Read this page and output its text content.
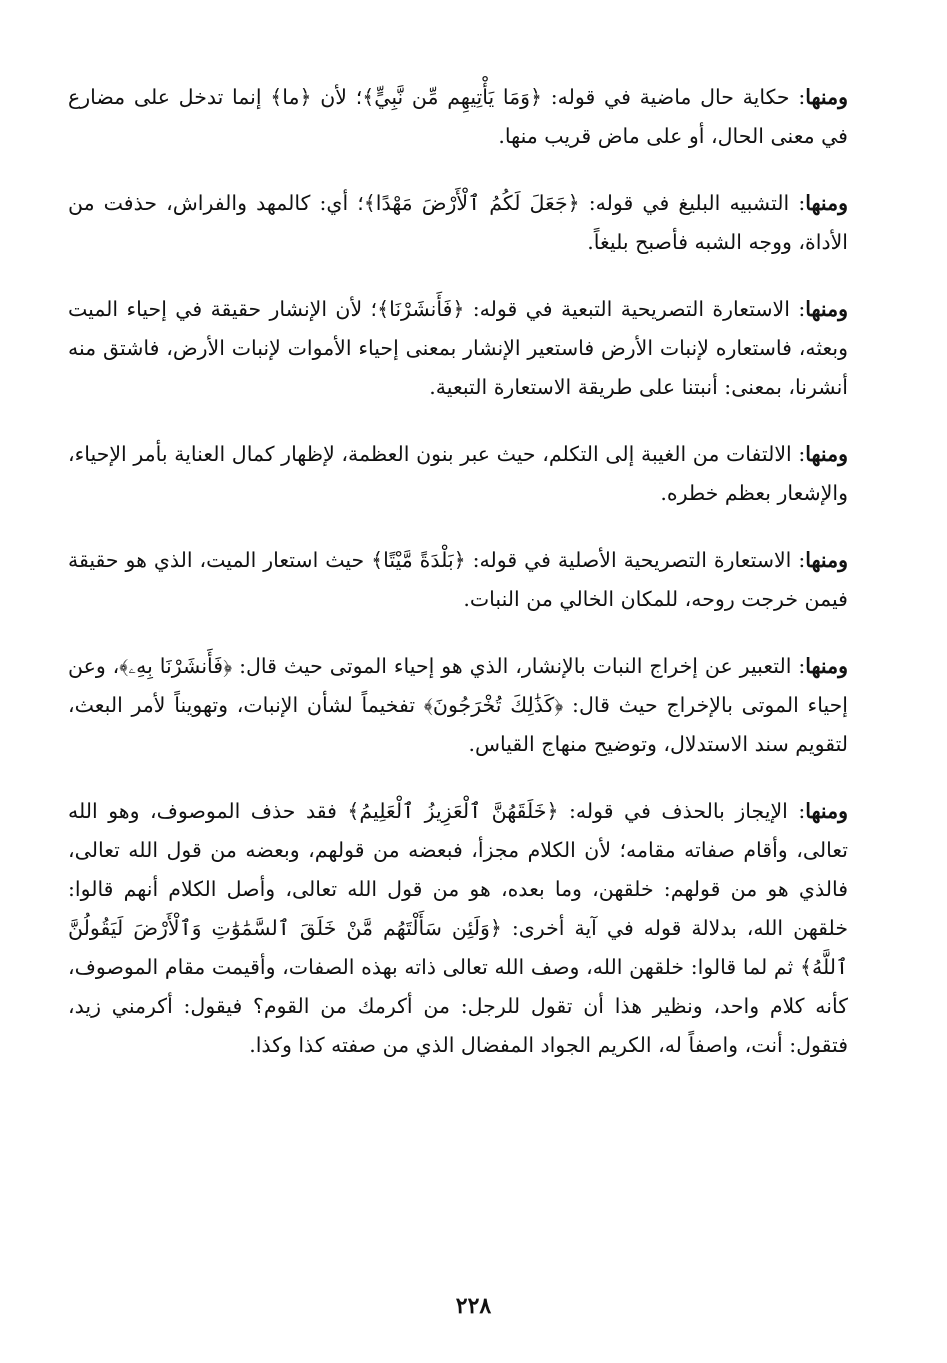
ومنها: حكاية حال ماضية في قوله: ﴿وَمَا يَأْتِيهِم مِّن نَّبِيٍّ﴾؛ لأن ﴿ما﴾ إنما تدخل على مضارع في معنى الحال، أو على ماض قريب منها.

ومنها: التشبيه البليغ في قوله: ﴿جَعَلَ لَكُمُ ٱلْأَرْضَ مَهْدًا﴾؛ أي: كالمهد والفراش، حذفت من الأداة، ووجه الشبه فأصبح بليغاً.

ومنها: الاستعارة التصريحية التبعية في قوله: ﴿فَأَنشَرْنَا﴾؛ لأن الإنشار حقيقة في إحياء الميت وبعثه، فاستعاره لإنبات الأرض فاستعير الإنشار بمعنى إحياء الأموات لإنبات الأرض، فاشتق منه أنشرنا، بمعنى: أنبتنا على طريقة الاستعارة التبعية.

ومنها: الالتفات من الغيبة إلى التكلم، حيث عبر بنون العظمة، لإظهار كمال العناية بأمر الإحياء، والإشعار بعظم خطره.

ومنها: الاستعارة التصريحية الأصلية في قوله: ﴿بَلْدَةً مَّيْتًا﴾ حيث استعار الميت، الذي هو حقيقة فيمن خرجت روحه، للمكان الخالي من النبات.

ومنها: التعبير عن إخراج النبات بالإنشار، الذي هو إحياء الموتى حيث قال: ﴿فَأَنشَرْنَا بِهِۦ﴾، وعن إحياء الموتى بالإخراج حيث قال: ﴿كَذَٰلِكَ تُخْرَجُونَ﴾ تفخيماً لشأن الإنبات، وتهويناً لأمر البعث، لتقويم سند الاستدلال، وتوضيح منهاج القياس.

ومنها: الإيجاز بالحذف في قوله: ﴿خَلَقَهُنَّ ٱلْعَزِيزُ ٱلْعَلِيمُ﴾ فقد حذف الموصوف، وهو الله تعالى، وأقام صفاته مقامه؛ لأن الكلام مجزأ، فبعضه من قولهم، وبعضه من قول الله تعالى، فالذي هو من قولهم: خلقهن، وما بعده، هو من قول الله تعالى، وأصل الكلام أنهم قالوا: خلقهن الله، بدلالة قوله في آية أخرى: ﴿وَلَئِن سَأَلْتَهُم مَّنْ خَلَقَ ٱلسَّمَٰوَٰتِ وَٱلْأَرْضَ لَيَقُولُنَّ ٱللَّهُ﴾ ثم لما قالوا: خلقهن الله، وصف الله تعالى ذاته بهذه الصفات، وأقيمت مقام الموصوف، كأنه كلام واحد، ونظير هذا أن تقول للرجل: من أكرمك من القوم؟ فيقول: أكرمني زيد، فتقول: أنت، واصفاً له، الكريم الجواد المفضال الذي من صفته كذا وكذا.

٢٢٨
